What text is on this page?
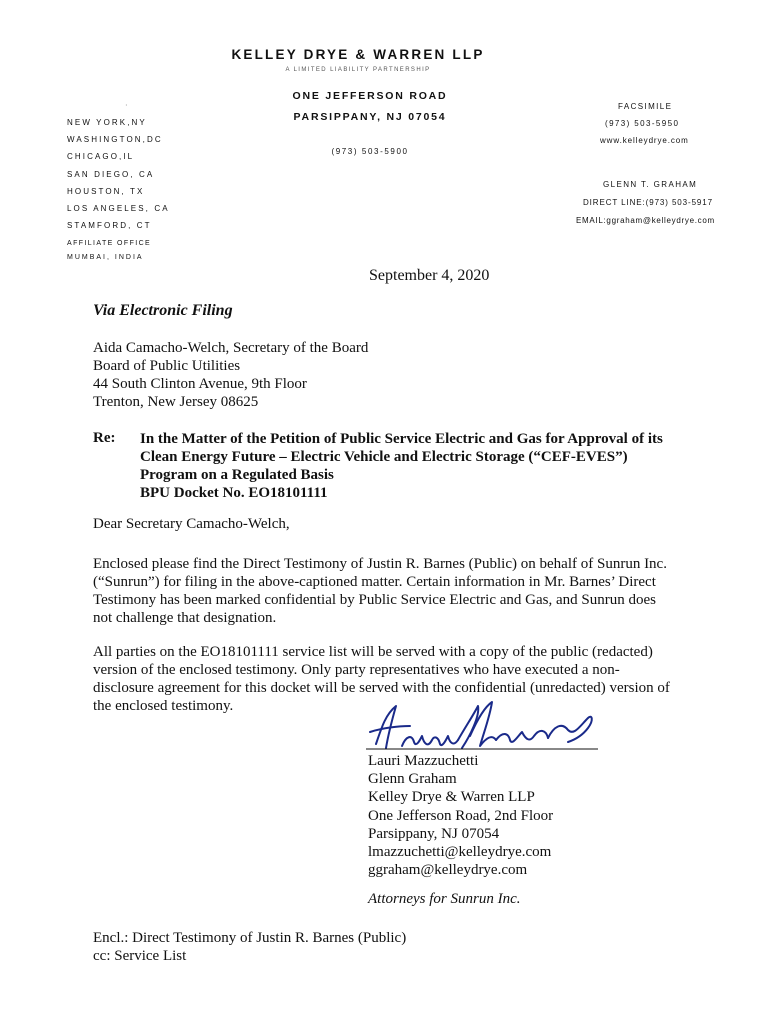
KELLEY DRYE & WARREN LLP
A LIMITED LIABILITY PARTNERSHIP
ONE JEFFERSON ROAD
PARSIPPANY, NJ 07054
(973) 503-5900
·
NEW YORK,NY
WASHINGTON,DC
CHICAGO,IL
SAN DIEGO, CA
HOUSTON, TX
LOS ANGELES, CA
STAMFORD, CT
AFFILIATE OFFICE
MUMBAI, INDIA
FACSIMILE
(973) 503-5950
www.kelleydrye.com
GLENN T. GRAHAM
DIRECT LINE:(973) 503-5917
EMAIL:ggraham@kelleydrye.com
September 4, 2020
Via Electronic Filing
Aida Camacho-Welch, Secretary of the Board
Board of Public Utilities
44 South Clinton Avenue, 9th Floor
Trenton, New Jersey 08625
Re: In the Matter of the Petition of Public Service Electric and Gas for Approval of its
Clean Energy Future – Electric Vehicle and Electric Storage (“CEF-EVES”)
Program on a Regulated Basis
BPU Docket No. EO18101111
Dear Secretary Camacho-Welch,
Enclosed please find the Direct Testimony of Justin R. Barnes (Public) on behalf of Sunrun Inc.
(“Sunrun”) for filing in the above-captioned matter. Certain information in Mr. Barnes’ Direct
Testimony has been marked confidential by Public Service Electric and Gas, and Sunrun does
not challenge that designation.
All parties on the EO18101111 service list will be served with a copy of the public (redacted)
version of the enclosed testimony. Only party representatives who have executed a non-
disclosure agreement for this docket will be served with the confidential (unredacted) version of
the enclosed testimony.
Lauri Mazzuchetti
Glenn Graham
Kelley Drye & Warren LLP
One Jefferson Road, 2nd Floor
Parsippany, NJ 07054
lmazzuchetti@kelleydrye.com
ggraham@kelleydrye.com
Attorneys for Sunrun Inc.
Encl.: Direct Testimony of Justin R. Barnes (Public)
cc: Service List
